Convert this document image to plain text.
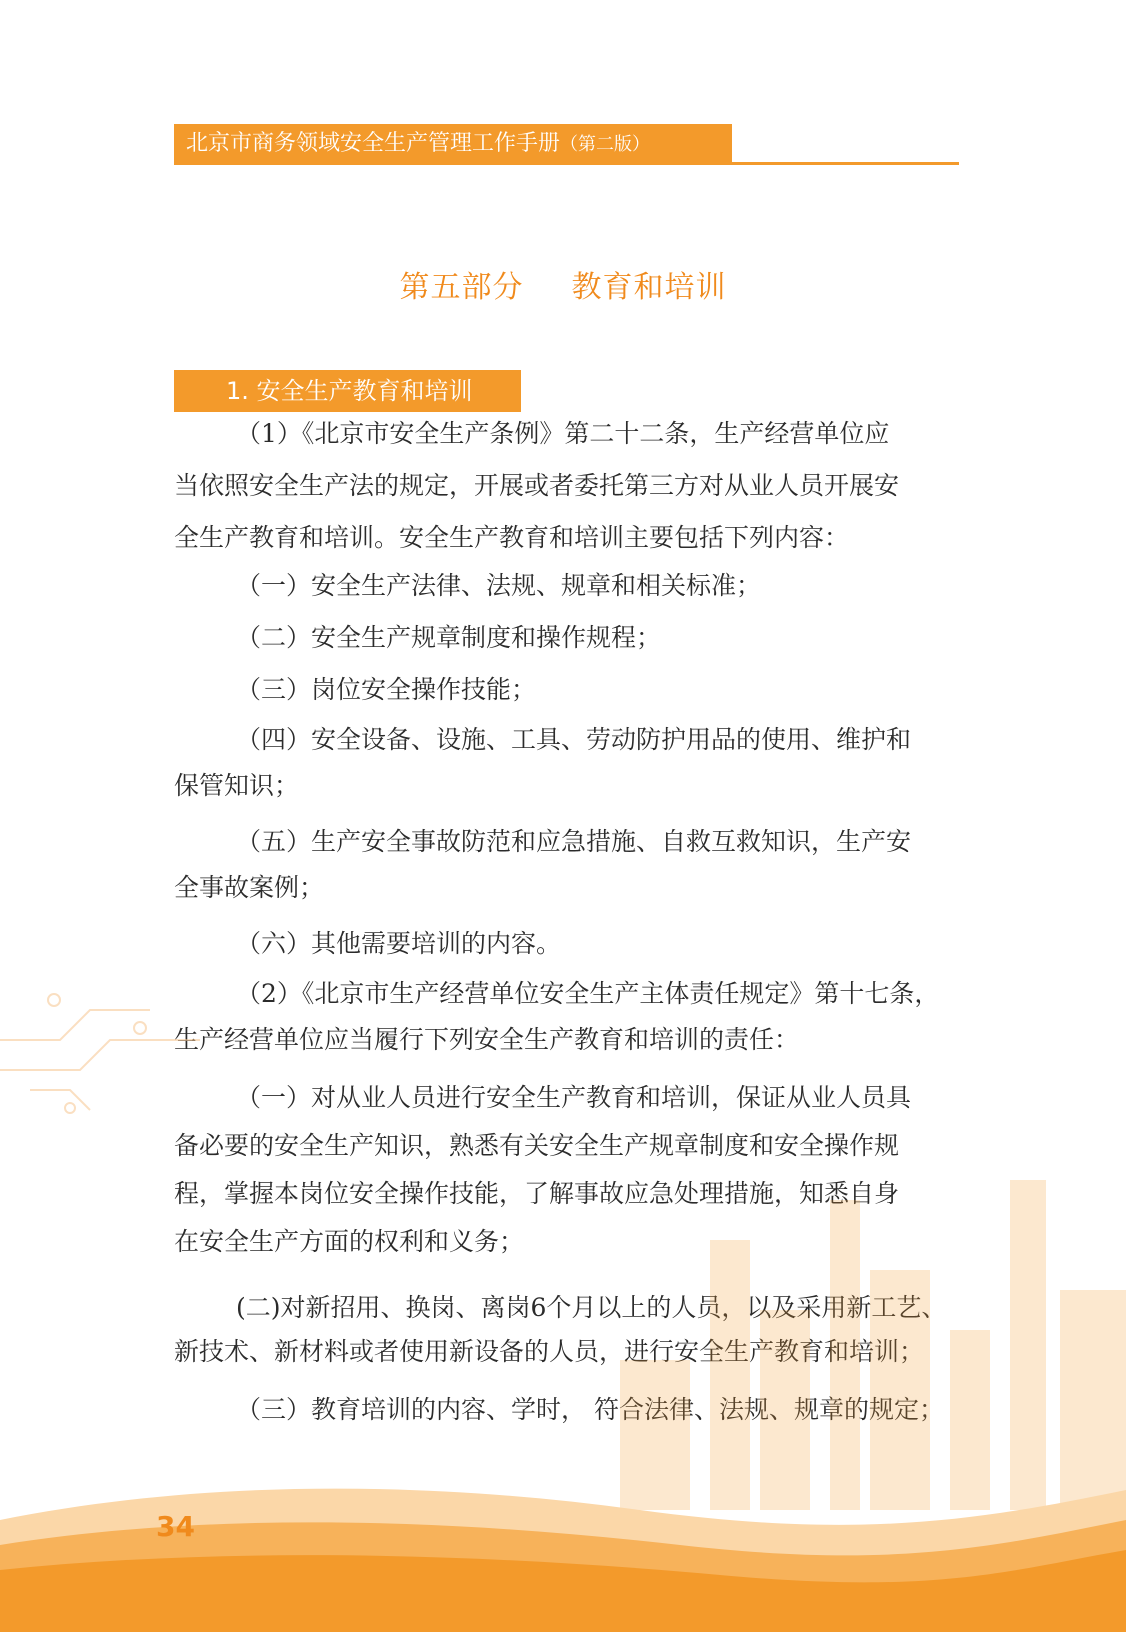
北京市商务领域安全生产管理工作手册（第二版）
第五部分 教育和培训
1. 安全生产教育和培训
（1）《北京市安全生产条例》第二十二条，生产经营单位应
当依照安全生产法的规定，开展或者委托第三方对从业人员开展安
全生产教育和培训。安全生产教育和培训主要包括下列内容：
（一）安全生产法律、法规、规章和相关标准；
（二）安全生产规章制度和操作规程；
（三）岗位安全操作技能；
（四）安全设备、设施、工具、劳动防护用品的使用、维护和
保管知识；
（五）生产安全事故防范和应急措施、自救互救知识，生产安
全事故案例；
（六）其他需要培训的内容。
（2）《北京市生产经营单位安全生产主体责任规定》第十七条，
生产经营单位应当履行下列安全生产教育和培训的责任：
（一）对从业人员进行安全生产教育和培训，保证从业人员具
备必要的安全生产知识，熟悉有关安全生产规章制度和安全操作规
程，掌握本岗位安全操作技能，了解事故应急处理措施，知悉自身
在安全生产方面的权利和义务；
(二)对新招用、换岗、离岗6个月以上的人员，以及采用新工艺、
新技术、新材料或者使用新设备的人员，进行安全生产教育和培训；
（三）教育培训的内容、学时， 符合法律、法规、规章的规定；
34
